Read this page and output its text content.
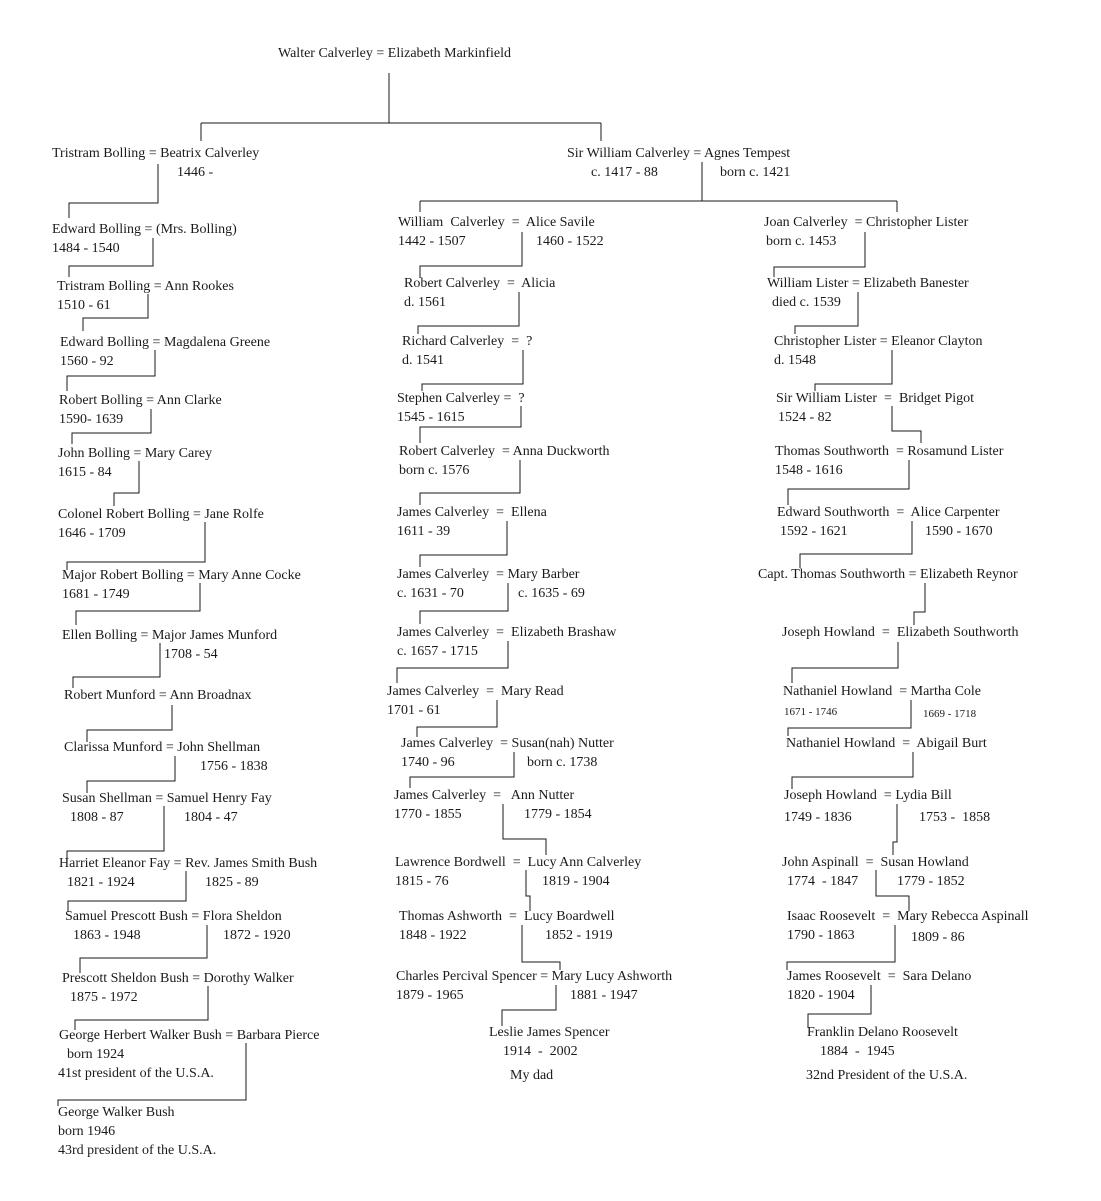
Walter Calverley = Elizabeth Markinfield
Tristram Bolling = Beatrix Calverley
1446 -
Edward Bolling = (Mrs. Bolling)
1484 - 1540
Tristram Bolling = Ann Rookes
1510 - 61
Edward Bolling = Magdalena Greene
1560 - 92
Robert Bolling = Ann Clarke
1590- 1639
John Bolling = Mary Carey
1615 - 84
Colonel Robert Bolling = Jane Rolfe
1646 - 1709
Major Robert Bolling = Mary Anne Cocke
1681 - 1749
Ellen Bolling = Major James Munford
1708 - 54
Robert Munford = Ann Broadnax
Clarissa Munford = John Shellman
1756 - 1838
Susan Shellman = Samuel Henry Fay
1808 - 87	1804 - 47
Harriet Eleanor Fay = Rev. James Smith Bush
1821 - 1924	1825 - 89
Samuel Prescott Bush = Flora Sheldon
1863 - 1948	1872 - 1920
Prescott Sheldon Bush = Dorothy Walker
1875 - 1972
George Herbert Walker Bush = Barbara Pierce
born 1924
41st president of the U.S.A.
George Walker Bush
born 1946
43rd president of the U.S.A.
Sir William Calverley = Agnes Tempest
c. 1417 - 88	born c. 1421
William  Calverley  =  Alice Savile
1442 - 1507	1460 - 1522
Robert Calverley  =  Alicia
d. 1561
Richard Calverley  =  ?
d. 1541
Stephen Calverley =  ?
1545 - 1615
Robert Calverley  = Anna Duckworth
born c. 1576
James Calverley  =  Ellena
1611 - 39
James Calverley  = Mary Barber
c. 1631 - 70	c. 1635 - 69
James Calverley  =  Elizabeth Brashaw
c. 1657 - 1715
James Calverley  =  Mary Read
1701 - 61
James Calverley  = Susan(nah) Nutter
1740 - 96	born c. 1738
James Calverley  =   Ann Nutter
1770 - 1855	1779 - 1854
Lawrence Bordwell  =  Lucy Ann Calverley
1815 - 76	1819 - 1904
Thomas Ashworth  =  Lucy Boardwell
1848 - 1922	1852 - 1919
Charles Percival Spencer = Mary Lucy Ashworth
1879 - 1965	1881 - 1947
Leslie James Spencer
1914  -  2002
My dad
Joan Calverley  = Christopher Lister
born c. 1453
William Lister = Elizabeth Banester
died c. 1539
Christopher Lister = Eleanor Clayton
d. 1548
Sir William Lister  =  Bridget Pigot
1524 - 82
Thomas Southworth  = Rosamund Lister
1548 - 1616
Edward Southworth  =  Alice Carpenter
1592 - 1621	1590 - 1670
Capt. Thomas Southworth = Elizabeth Reynor
Joseph Howland  =  Elizabeth Southworth
Nathaniel Howland  = Martha Cole
1671 - 1746	1669 - 1718
Nathaniel Howland  =  Abigail Burt
Joseph Howland  = Lydia Bill
1749 - 1836	1753 -  1858
John Aspinall  =  Susan Howland
1774  - 1847	1779 - 1852
Isaac Roosevelt  =  Mary Rebecca Aspinall
1790 - 1863	1809 - 86
James Roosevelt  =  Sara Delano
1820 - 1904
Franklin Delano Roosevelt
1884  -  1945
32nd President of the U.S.A.
